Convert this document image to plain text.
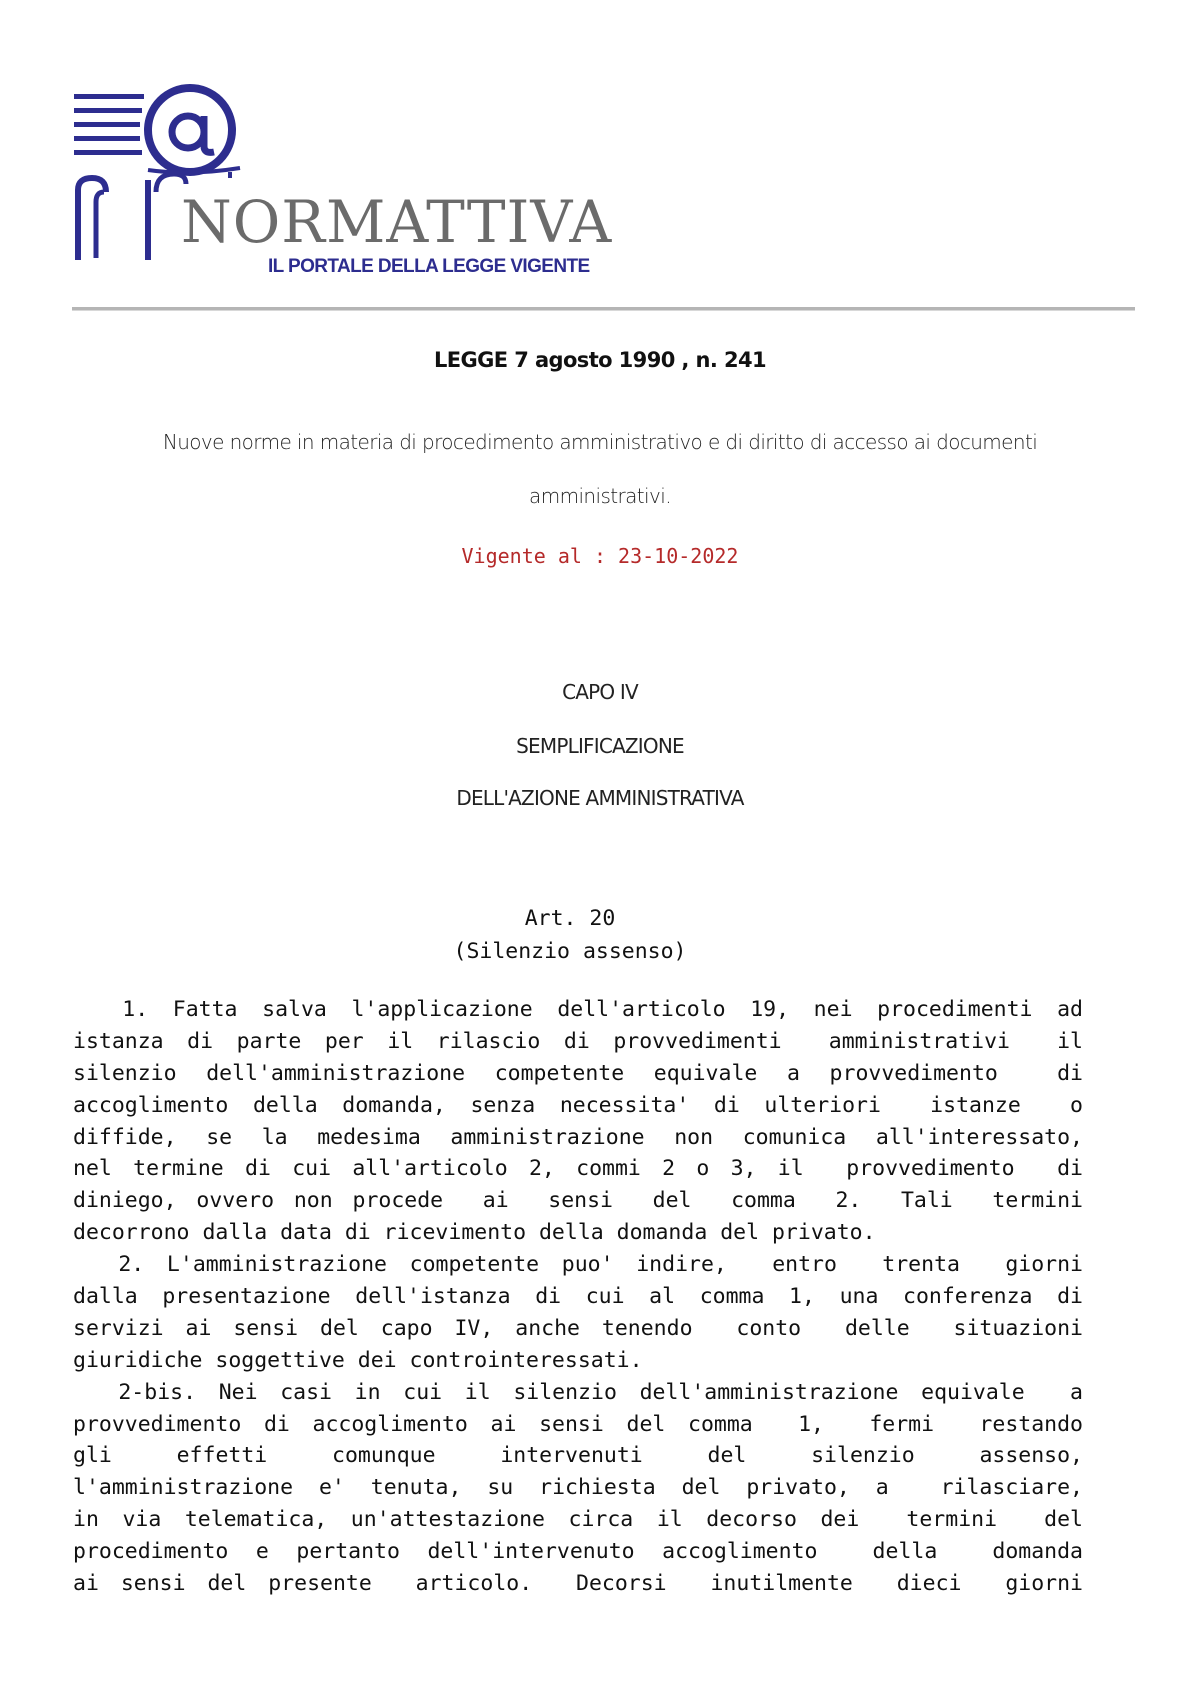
NORMATTIVA
IL PORTALE DELLA LEGGE VIGENTE
LEGGE 7 agosto 1990 , n. 241
Nuove norme in materia di procedimento amministrativo e di diritto di accesso ai documenti
amministrativi.
Vigente al : 23-10-2022
CAPO IV
SEMPLIFICAZIONE
DELL'AZIONE AMMINISTRATIVA
Art. 20
(Silenzio assenso)
1. Fatta salva l'applicazione dell'articolo 19, nei procedimenti ad
istanza di parte per il rilascio di provvedimenti  amministrativi  il
silenzio dell'amministrazione competente equivale a provvedimento  di
accoglimento della domanda, senza necessita' di ulteriori  istanze  o
diffide, se la medesima amministrazione non comunica all'interessato,
nel termine di cui all'articolo 2, commi 2 o 3, il  provvedimento  di
diniego, ovvero non procede  ai  sensi  del  comma  2.  Tali  termini
decorrono dalla data di ricevimento della domanda del privato.
2. L'amministrazione competente puo' indire,  entro  trenta  giorni
dalla presentazione dell'istanza di cui al comma 1, una conferenza di
servizi ai sensi del capo IV, anche tenendo  conto  delle  situazioni
giuridiche soggettive dei controinteressati.
2-bis. Nei casi in cui il silenzio dell'amministrazione equivale  a
provvedimento di accoglimento ai sensi del comma  1,  fermi  restando
gli   effetti   comunque   intervenuti   del   silenzio   assenso,
l'amministrazione e' tenuta, su richiesta del privato, a  rilasciare,
in via telematica, un'attestazione circa il decorso dei  termini  del
procedimento e pertanto dell'intervenuto accoglimento  della  domanda
ai sensi del presente  articolo.  Decorsi  inutilmente  dieci  giorni
